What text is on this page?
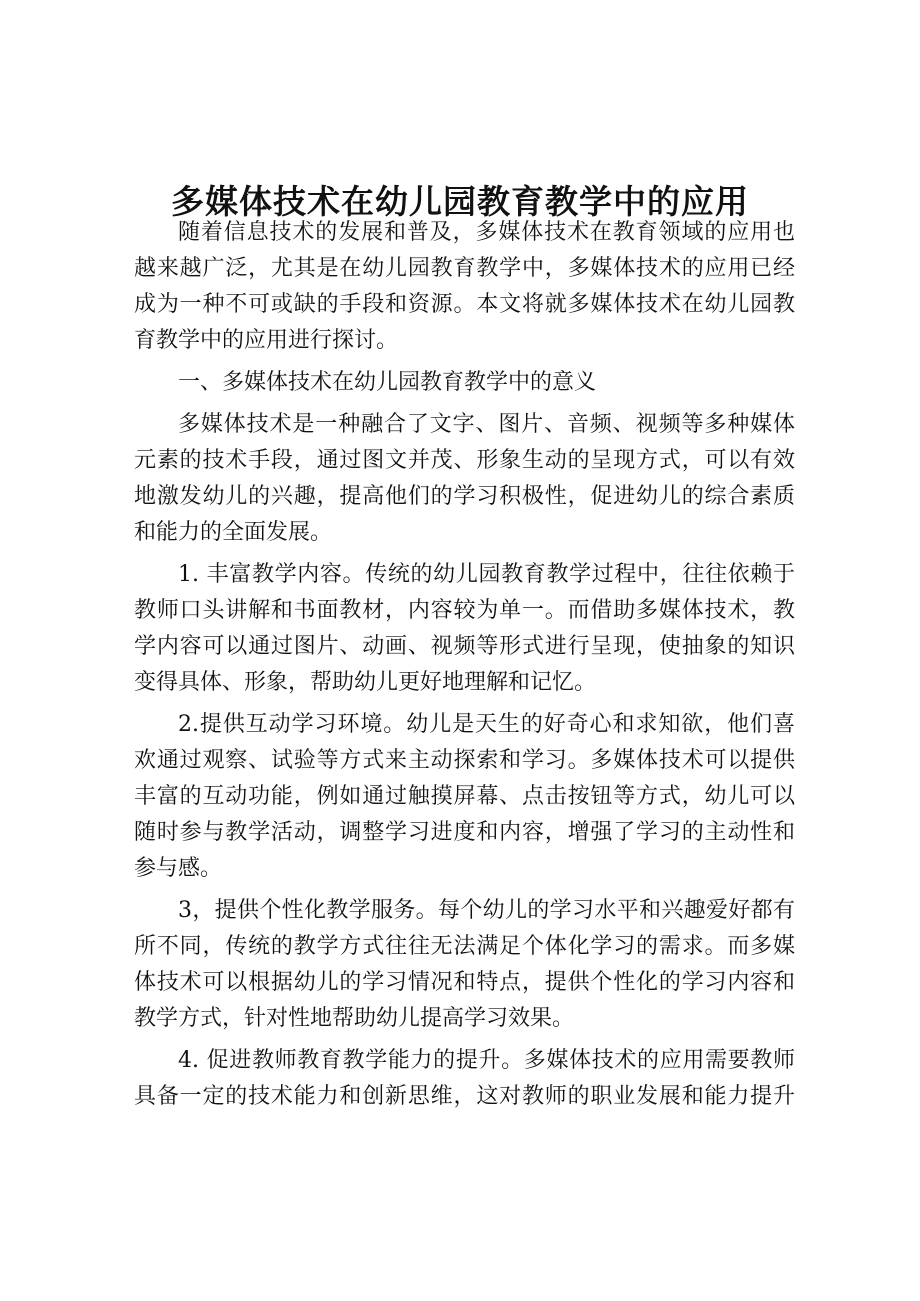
多媒体技术在幼儿园教育教学中的应用
随着信息技术的发展和普及，多媒体技术在教育领域的应用也
越来越广泛，尤其是在幼儿园教育教学中，多媒体技术的应用已经
成为一种不可或缺的手段和资源。本文将就多媒体技术在幼儿园教
育教学中的应用进行探讨。
一、多媒体技术在幼儿园教育教学中的意义
多媒体技术是一种融合了文字、图片、音频、视频等多种媒体
元素的技术手段，通过图文并茂、形象生动的呈现方式，可以有效
地激发幼儿的兴趣，提高他们的学习积极性，促进幼儿的综合素质
和能力的全面发展。
1. 丰富教学内容。传统的幼儿园教育教学过程中，往往依赖于
教师口头讲解和书面教材，内容较为单一。而借助多媒体技术，教
学内容可以通过图片、动画、视频等形式进行呈现，使抽象的知识
变得具体、形象，帮助幼儿更好地理解和记忆。
2.提供互动学习环境。幼儿是天生的好奇心和求知欲，他们喜
欢通过观察、试验等方式来主动探索和学习。多媒体技术可以提供
丰富的互动功能，例如通过触摸屏幕、点击按钮等方式，幼儿可以
随时参与教学活动，调整学习进度和内容，增强了学习的主动性和
参与感。
3，提供个性化教学服务。每个幼儿的学习水平和兴趣爱好都有
所不同，传统的教学方式往往无法满足个体化学习的需求。而多媒
体技术可以根据幼儿的学习情况和特点，提供个性化的学习内容和
教学方式，针对性地帮助幼儿提高学习效果。
4. 促进教师教育教学能力的提升。多媒体技术的应用需要教师
具备一定的技术能力和创新思维，这对教师的职业发展和能力提升
